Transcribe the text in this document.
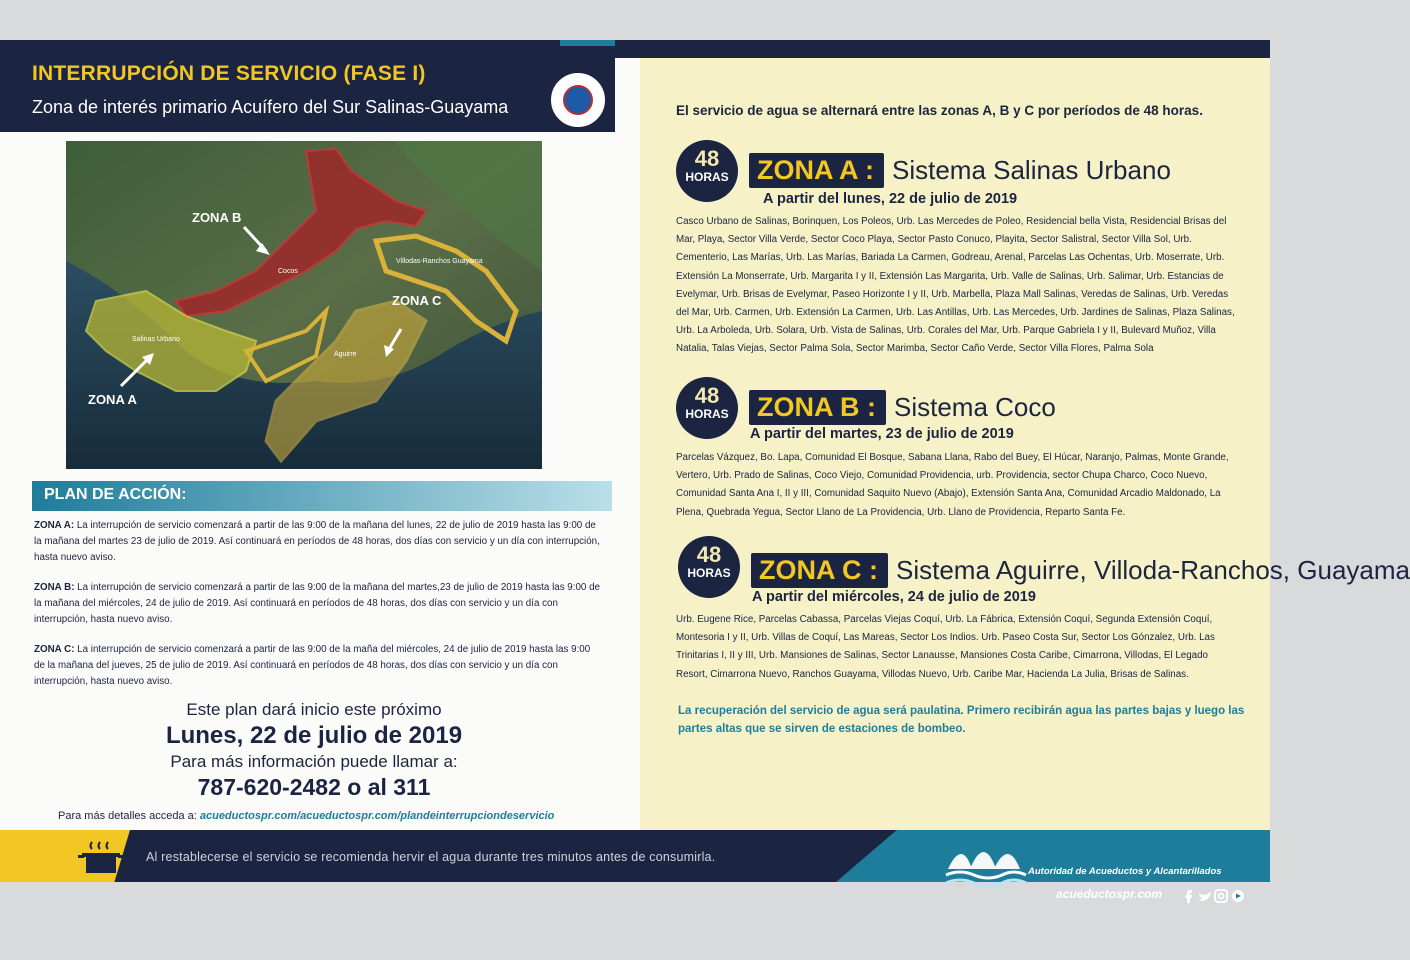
INTERRUPCIÓN DE SERVICIO (FASE I)
Zona de interés primario Acuífero del Sur Salinas-Guayama	El servicio de agua se alternará entre las zonas A, B y C por períodos de 48 horas.
48
HORAS	ZONA A : Sistema Salinas Urbano
A partir del lunes, 22 de julio de 2019
Casco Urbano de Salinas, Borinquen, Los Poleos, Urb. Las Mercedes de Poleo, Residencial bella Vista, Residencial Brisas del Mar, Playa, Sector Villa Verde, Sector Coco Playa, Sector Pasto Conuco, Playita, Sector Salistral, Sector Villa Sol, Urb. Cementerio, Las Marías, Urb. Las Marías, Bariada La Carmen, Godreau, Arenal, Parcelas Las Ochentas, Urb. Moserrate, Urb. Extensión La Monserrate, Urb. Margarita I y II, Extensión Las Margarita, Urb. Valle de Salinas, Urb. Salimar, Urb. Estancias de Evelymar, Urb. Brisas de Evelymar, Paseo Horizonte I y II, Urb. Marbella, Plaza Mall Salinas, Veredas de Salinas, Urb. Veredas del Mar, Urb. Carmen, Urb. Extensión La Carmen, Urb. Las Antillas, Urb. Las Mercedes, Urb. Jardines de Salinas, Plaza Salinas, Urb. La Arboleda, Urb. Solara, Urb. Vista de Salinas, Urb. Corales del Mar, Urb. Parque Gabriela I y II, Bulevard Muñoz, Villa Natalia, Talas Viejas, Sector Palma Sola, Sector Marimba, Sector Caño Verde, Sector Villa Flores, Palma Sola
48
HORAS	ZONA B : Sistema Coco
A partir del martes, 23 de julio de 2019
Parcelas Vázquez, Bo. Lapa, Comunidad El Bosque, Sabana Llana, Rabo del Buey, El Húcar, Naranjo, Palmas, Monte Grande, Vertero, Urb. Prado de Salinas, Coco Viejo, Comunidad Providencia, urb. Providencia, sector Chupa Charco, Coco Nuevo, Comunidad Santa Ana I, II y III, Comunidad Saquito Nuevo (Abajo), Extensión Santa Ana, Comunidad Arcadio Maldonado, La Plena, Quebrada Yegua, Sector Llano de La Providencia, Urb. Llano de Providencia, Reparto Santa Fe.
48
HORAS	ZONA C : Sistema Aguirre, Villoda-Ranchos, Guayama
A partir del miércoles, 24 de julio de 2019
Urb. Eugene Rice, Parcelas Cabassa, Parcelas Viejas Coquí, Urb. La Fábrica, Extensión Coquí, Segunda Extensión Coquí, Montesoria I y II, Urb. Villas de Coquí, Las Mareas, Sector Los Indios. Urb. Paseo Costa Sur, Sector Los Gónzalez, Urb. Las Trinitarias I, II y III, Urb. Mansiones de Salinas, Sector Lanausse, Mansiones Costa Caribe, Cimarrona, Villodas, El Legado Resort, Cimarrona Nuevo, Ranchos Guayama, Villodas Nuevo, Urb. Caribe Mar, Hacienda La Julia, Brisas de Salinas.
La recuperación del servicio de agua será paulatina. Primero recibirán agua las partes bajas y luego las partes altas que se sirven de estaciones de bombeo.
ZONA B
ZONA C
ZONA A
Cocos
Villodas-Ranchos Guayama
Salinas Urbano
Aguirre
PLAN DE ACCIÓN:
ZONA A: La interrupción de servicio comenzará a partir de las 9:00 de la mañana del lunes, 22 de julio de 2019 hasta las 9:00 de la mañana del martes 23 de julio de 2019. Así continuará en períodos de 48 horas, dos días con servicio y un día con interrupción, hasta nuevo aviso.
ZONA B: La interrupción de servicio comenzará a partir de las 9:00 de la mañana del martes,23 de julio de 2019 hasta las 9:00 de la mañana del miércoles, 24 de julio de 2019. Así continuará en períodos de 48 horas, dos días con servicio y un día con interrupción, hasta nuevo aviso.
ZONA C: La interrupción de servicio comenzará a partir de las 9:00 de la maña del miércoles, 24 de julio de 2019 hasta las 9:00 de la mañana del jueves, 25 de julio de 2019. Así continuará en períodos de 48 horas, dos días con servicio y un día con interrupción, hasta nuevo aviso.
Este plan dará inicio este próximo
Lunes, 22 de julio de 2019
Para más información puede llamar a:
787-620-2482 o al 311
Para más detalles acceda a: acueductospr.com/acueductospr.com/plandeinterrupciondeservicio
Al restablecerse el servicio se recomienda hervir el agua durante tres minutos antes de consumirla.
Autoridad de Acueductos y Alcantarillados
acueductospr.com
